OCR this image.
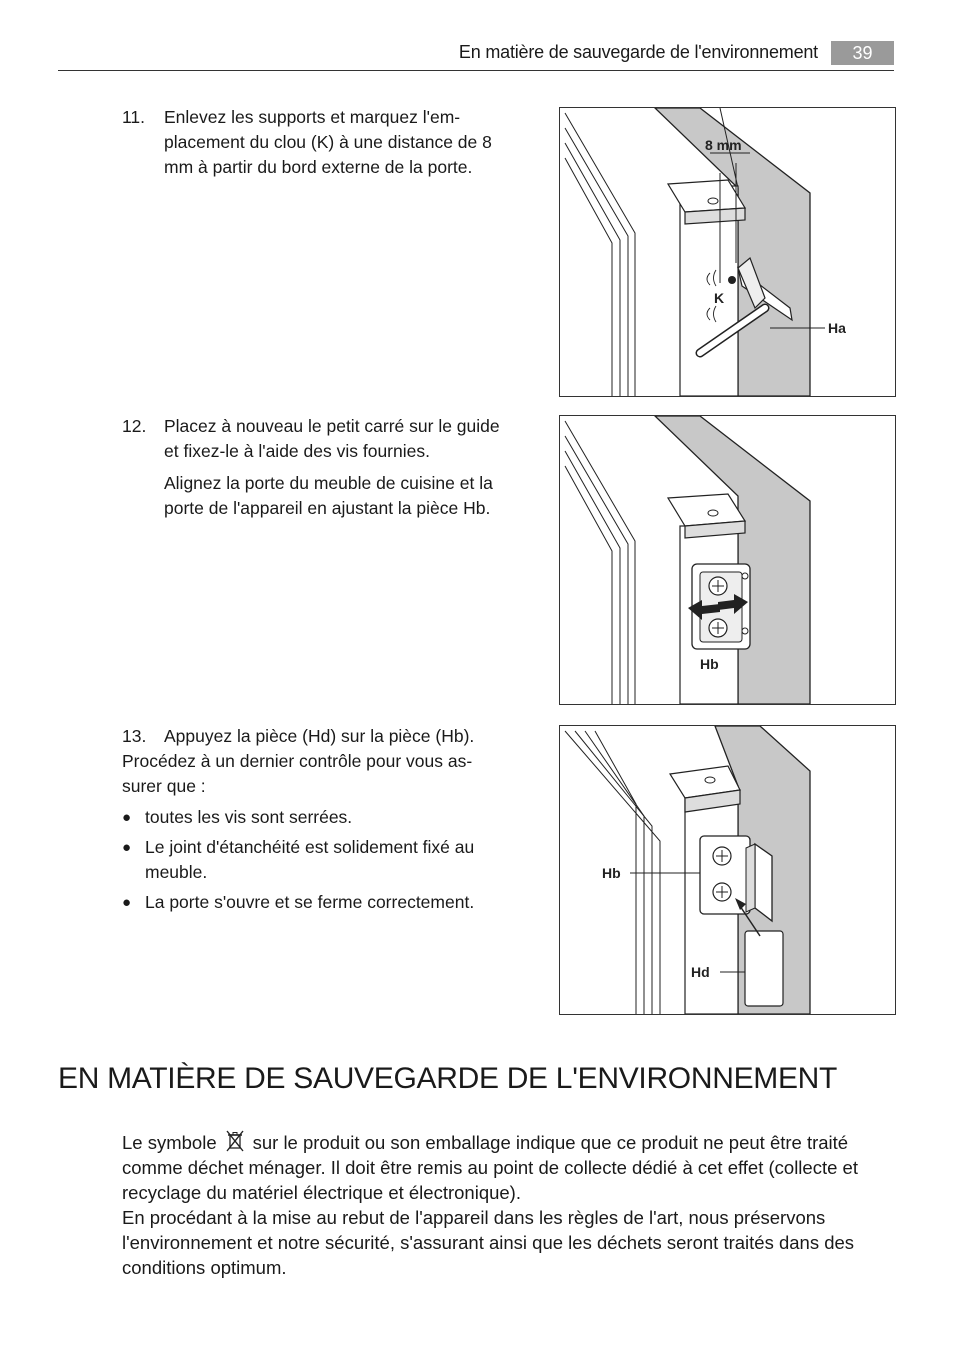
En matière de sauvegarde de l'environnement	39
11.	Enlevez les supports et marquez l'em-placement du clou (K) à une distance de 8 mm à partir du bord externe de la porte.

12.	Placez à nouveau le petit carré sur le guide et fixez-le à l'aide des vis fournies.

Alignez la porte du meuble de cuisine et la porte de l'appareil en ajustant la pièce Hb.

13.	Appuyez la pièce (Hd) sur la pièce (Hb).

Procédez à un dernier contrôle pour vous as-surer que :

● toutes les vis sont serrées.
● Le joint d'étanchéité est solidement fixé au meuble.
● La porte s'ouvre et se ferme correctement.
8 mm
K
Ha
Hb
Hb
Hd
EN MATIÈRE DE SAUVEGARDE DE L'ENVIRONNEMENT

Le symbole sur le produit ou son emballage indique que ce produit ne peut être traité comme déchet ménager. Il doit être remis au point de collecte dédié à cet effet (collecte et recyclage du matériel électrique et électronique).

En procédant à la mise au rebut de l'appareil dans les règles de l'art, nous préservons l'environnement et notre sécurité, s'assurant ainsi que les déchets seront traités dans des conditions optimum.
